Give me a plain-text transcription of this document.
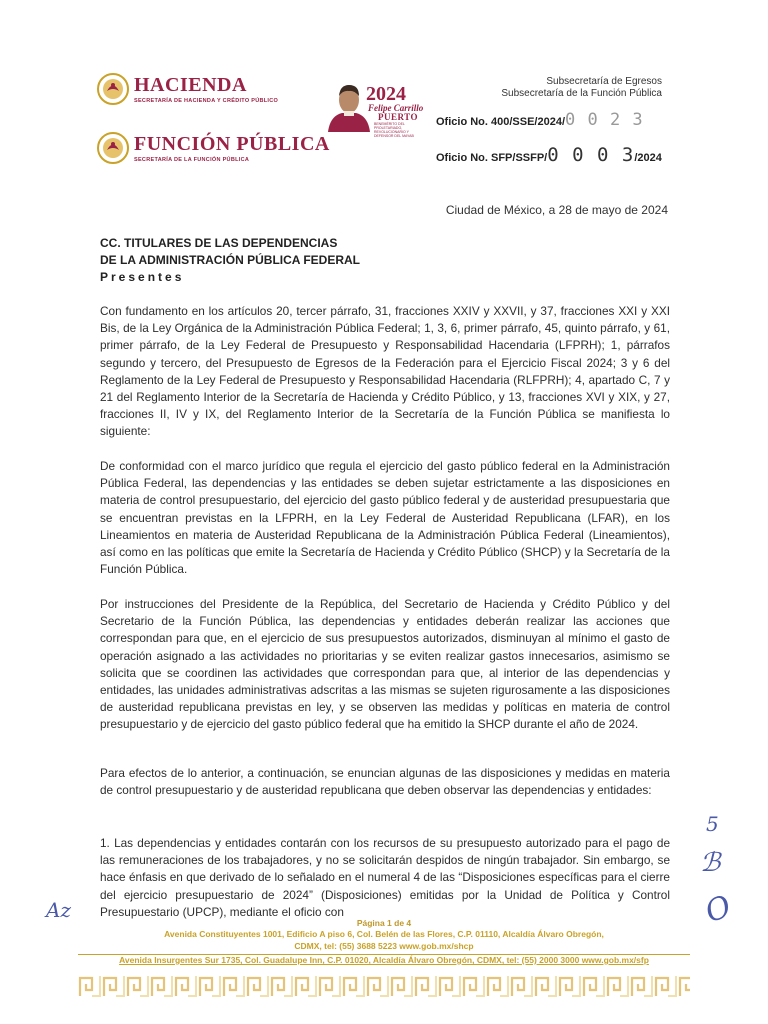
HACIENDA
SECRETARÍA DE HACIENDA Y CRÉDITO PÚBLICO
FUNCIÓN PÚBLICA
SECRETARÍA DE LA FUNCIÓN PÚBLICA
2024
Felipe Carrillo
PUERTO
BENEMÉRITO DEL PROLETARIADO, REVOLUCIONARIO Y DEFENSOR DEL MAYAB
Subsecretaría de Egresos
Subsecretaría de la Función Pública
Oficio No. 400/SSE/2024/0 0 2 3
Oficio No. SFP/SSFP/0 0 0 3/2024
Ciudad de México, a 28 de mayo de 2024
CC. TITULARES DE LAS DEPENDENCIAS
DE LA ADMINISTRACIÓN PÚBLICA FEDERAL
Presentes
Con fundamento en los artículos 20, tercer párrafo, 31, fracciones XXIV y XXVII, y 37, fracciones XXI y XXI Bis, de la Ley Orgánica de la Administración Pública Federal; 1, 3, 6, primer párrafo, 45, quinto párrafo, y 61, primer párrafo, de la Ley Federal de Presupuesto y Responsabilidad Hacendaria (LFPRH); 1, párrafos segundo y tercero, del Presupuesto de Egresos de la Federación para el Ejercicio Fiscal 2024; 3 y 6 del Reglamento de la Ley Federal de Presupuesto y Responsabilidad Hacendaria (RLFPRH); 4, apartado C, 7 y 21 del Reglamento Interior de la Secretaría de Hacienda y Crédito Público, y 13, fracciones XVI y XIX, y 27, fracciones II, IV y IX, del Reglamento Interior de la Secretaría de la Función Pública se manifiesta lo siguiente:
De conformidad con el marco jurídico que regula el ejercicio del gasto público federal en la Administración Pública Federal, las dependencias y las entidades se deben sujetar estrictamente a las disposiciones en materia de control presupuestario, del ejercicio del gasto público federal y de austeridad presupuestaria que se encuentran previstas en la LFPRH, en la Ley Federal de Austeridad Republicana (LFAR), en los Lineamientos en materia de Austeridad Republicana de la Administración Pública Federal (Lineamientos), así como en las políticas que emite la Secretaría de Hacienda y Crédito Público (SHCP) y la Secretaría de la Función Pública.
Por instrucciones del Presidente de la República, del Secretario de Hacienda y Crédito Público y del Secretario de la Función Pública, las dependencias y entidades deberán realizar las acciones que correspondan para que, en el ejercicio de sus presupuestos autorizados, disminuyan al mínimo el gasto de operación asignado a las actividades no prioritarias y se eviten realizar gastos innecesarios, asimismo se solicita que se coordinen las actividades que correspondan para que, al interior de las dependencias y entidades, las unidades administrativas adscritas a las mismas se sujeten rigurosamente a las disposiciones de austeridad republicana previstas en ley, y se observen las medidas y políticas en materia de control presupuestario y de ejercicio del gasto público federal que ha emitido la SHCP durante el año de 2024.
Para efectos de lo anterior, a continuación, se enuncian algunas de las disposiciones y medidas en materia de control presupuestario y de austeridad republicana que deben observar las dependencias y entidades:
1. Las dependencias y entidades contarán con los recursos de su presupuesto autorizado para el pago de las remuneraciones de los trabajadores, y no se solicitarán despidos de ningún trabajador. Sin embargo, se hace énfasis en que derivado de lo señalado en el numeral 4 de las “Disposiciones específicas para el cierre del ejercicio presupuestario de 2024” (Disposiciones) emitidas por la Unidad de Política y Control Presupuestario (UPCP), mediante el oficio con
5
ℬ
O
Az
Página 1 de 4
Avenida Constituyentes 1001, Edificio A piso 6, Col. Belén de las Flores, C.P. 01110, Alcaldía Álvaro Obregón,
CDMX, tel: (55) 3688 5223 www.gob.mx/shcp
Avenida Insurgentes Sur 1735, Col. Guadalupe Inn, C.P. 01020, Alcaldía Álvaro Obregón, CDMX, tel: (55) 2000 3000 www.gob.mx/sfp
